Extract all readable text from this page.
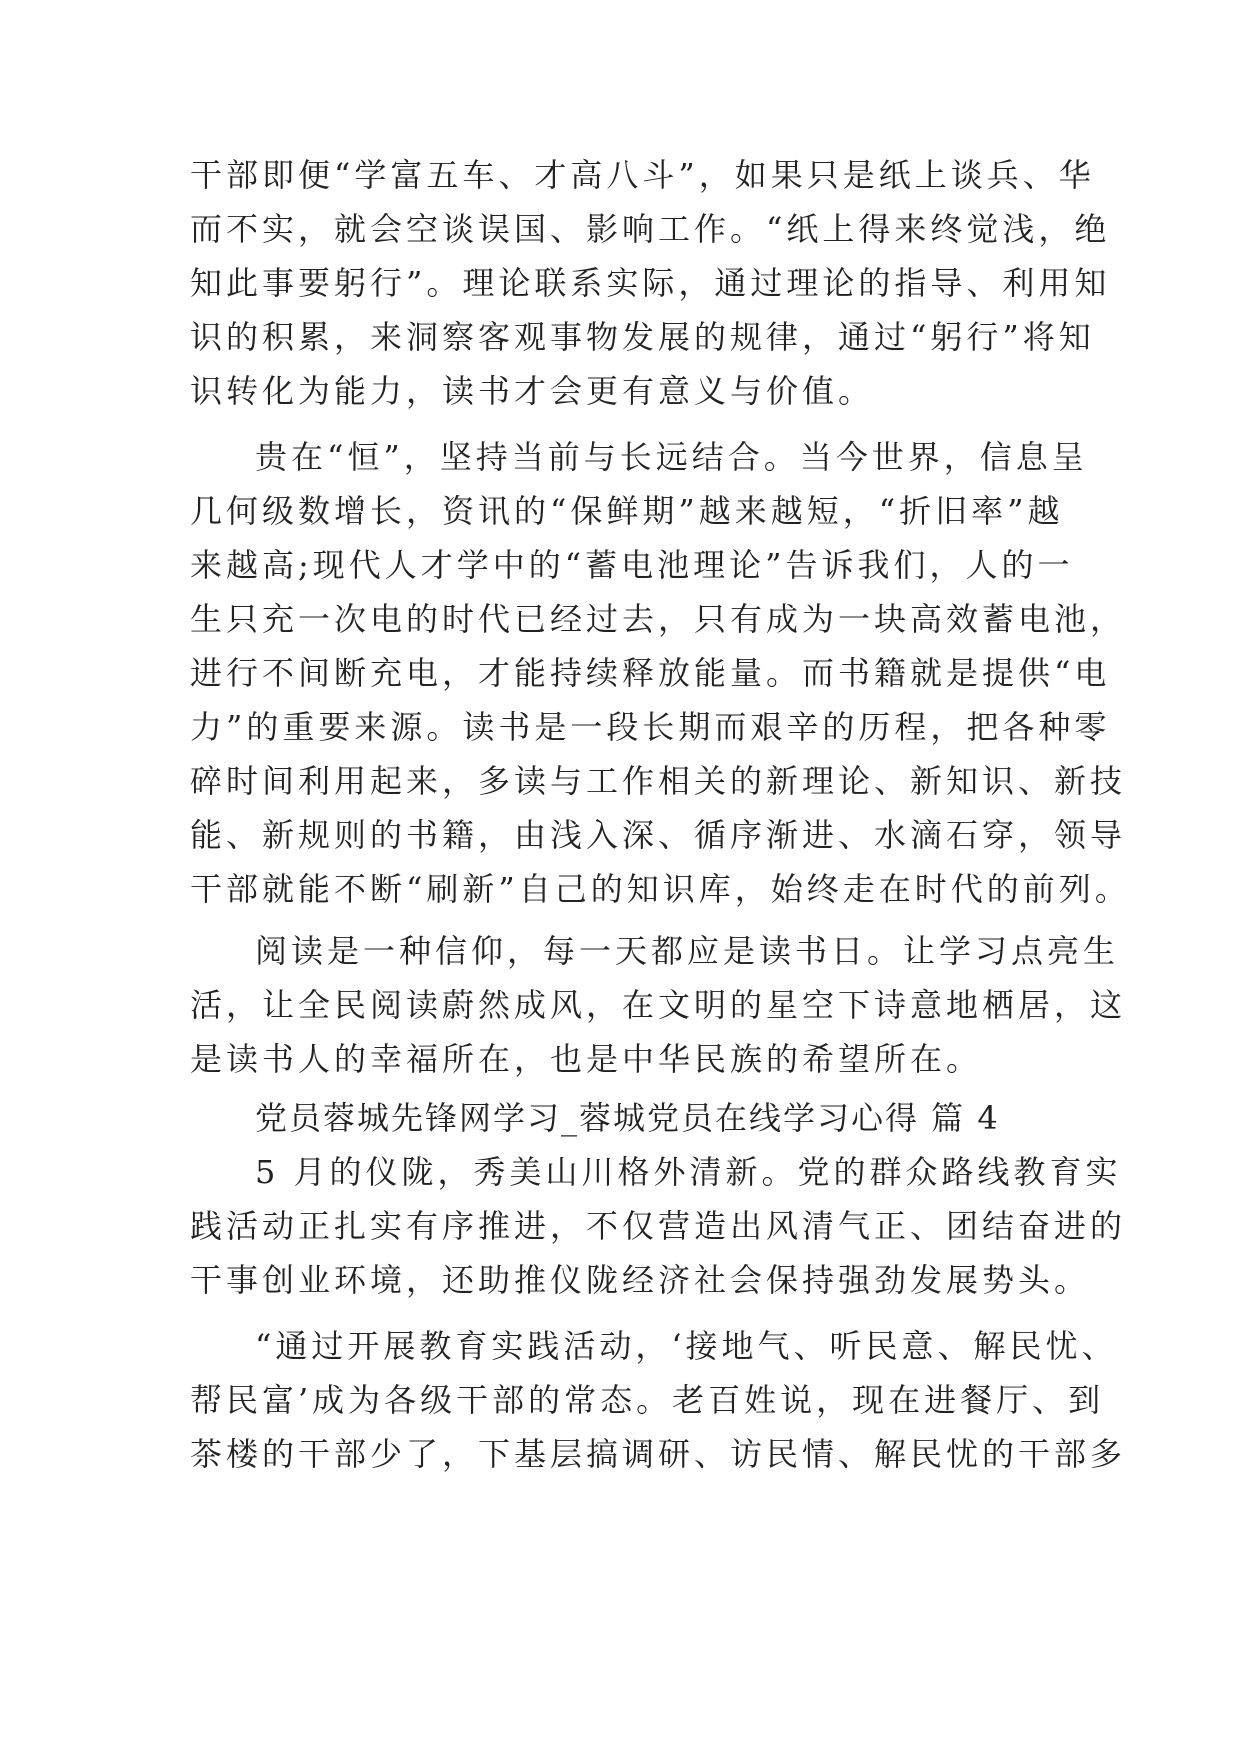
干部即便“学富五车、才高八斗”，如果只是纸上谈兵、华
而不实，就会空谈误国、影响工作。“纸上得来终觉浅，绝
知此事要躬行”。理论联系实际，通过理论的指导、利用知
识的积累，来洞察客观事物发展的规律，通过“躬行”将知
识转化为能力，读书才会更有意义与价值。
贵在“恒”，坚持当前与长远结合。当今世界，信息呈
几何级数增长，资讯的“保鲜期”越来越短，“折旧率”越
来越高;现代人才学中的“蓄电池理论”告诉我们，人的一
生只充一次电的时代已经过去，只有成为一块高效蓄电池，
进行不间断充电，才能持续释放能量。而书籍就是提供“电
力”的重要来源。读书是一段长期而艰辛的历程，把各种零
碎时间利用起来，多读与工作相关的新理论、新知识、新技
能、新规则的书籍，由浅入深、循序渐进、水滴石穿，领导
干部就能不断“刷新”自己的知识库，始终走在时代的前列。
阅读是一种信仰，每一天都应是读书日。让学习点亮生
活，让全民阅读蔚然成风，在文明的星空下诗意地栖居，这
是读书人的幸福所在，也是中华民族的希望所在。
党员蓉城先锋网学习_蓉城党员在线学习心得 篇 4
5 月的仪陇，秀美山川格外清新。党的群众路线教育实
践活动正扎实有序推进，不仅营造出风清气正、团结奋进的
干事创业环境，还助推仪陇经济社会保持强劲发展势头。
“通过开展教育实践活动，‘接地气、听民意、解民忧、
帮民富’成为各级干部的常态。老百姓说，现在进餐厅、到
茶楼的干部少了，下基层搞调研、访民情、解民忧的干部多
